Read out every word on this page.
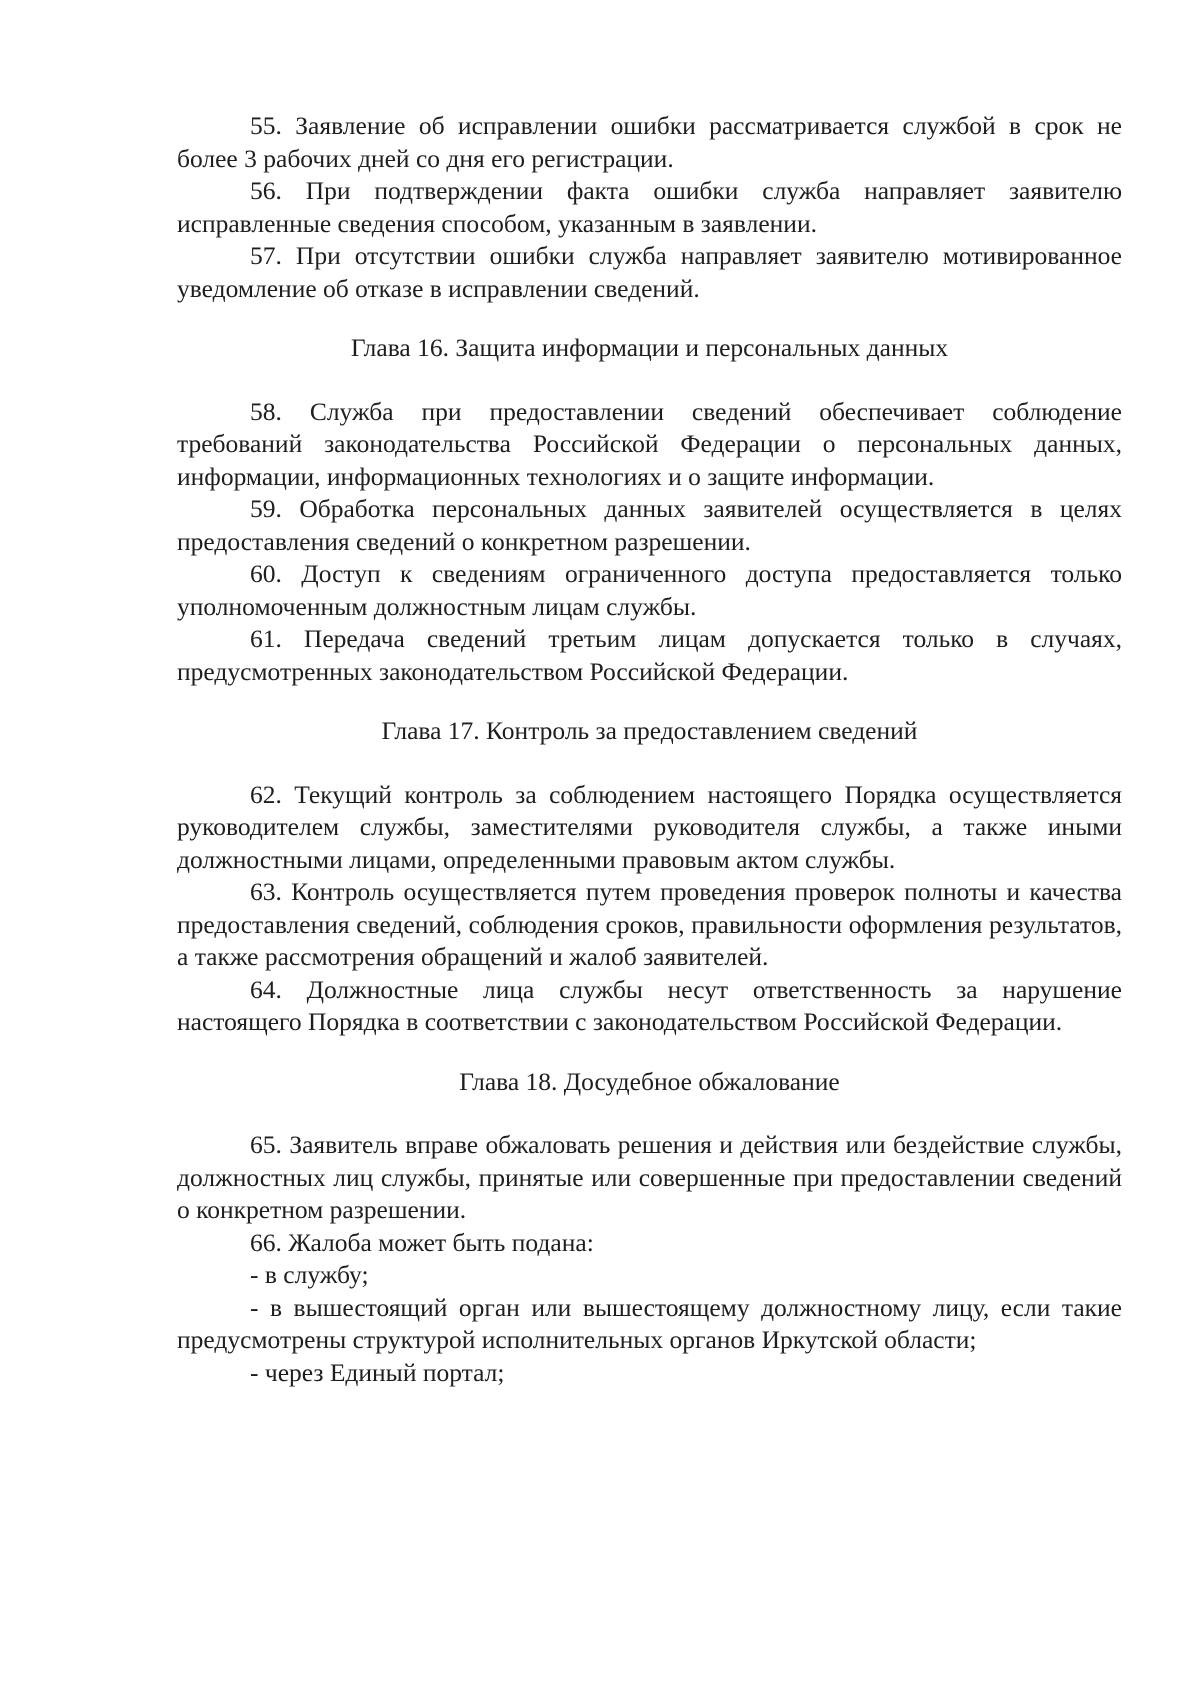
55. Заявление об исправлении ошибки рассматривается службой в срок не более 3 рабочих дней со дня его регистрации.

56. При подтверждении факта ошибки служба направляет заявителю исправленные сведения способом, указанным в заявлении.

57. При отсутствии ошибки служба направляет заявителю мотивированное уведомление об отказе в исправлении сведений.

Глава 16. Защита информации и персональных данных

58. Служба при предоставлении сведений обеспечивает соблюдение требований законодательства Российской Федерации о персональных данных, информации, информационных технологиях и о защите информации.

59. Обработка персональных данных заявителей осуществляется в целях предоставления сведений о конкретном разрешении.

60. Доступ к сведениям ограниченного доступа предоставляется только уполномоченным должностным лицам службы.

61. Передача сведений третьим лицам допускается только в случаях, предусмотренных законодательством Российской Федерации.

Глава 17. Контроль за предоставлением сведений

62. Текущий контроль за соблюдением настоящего Порядка осуществляется руководителем службы, заместителями руководителя службы, а также иными должностными лицами, определенными правовым актом службы.

63. Контроль осуществляется путем проведения проверок полноты и качества предоставления сведений, соблюдения сроков, правильности оформления результатов, а также рассмотрения обращений и жалоб заявителей.

64. Должностные лица службы несут ответственность за нарушение настоящего Порядка в соответствии с законодательством Российской Федерации.

Глава 18. Досудебное обжалование

65. Заявитель вправе обжаловать решения и действия или бездействие службы, должностных лиц службы, принятые или совершенные при предоставлении сведений о конкретном разрешении.

66. Жалоба может быть подана:

- в службу;

- в вышестоящий орган или вышестоящему должностному лицу, если такие предусмотрены структурой исполнительных органов Иркутской области;

- через Единый портал;
